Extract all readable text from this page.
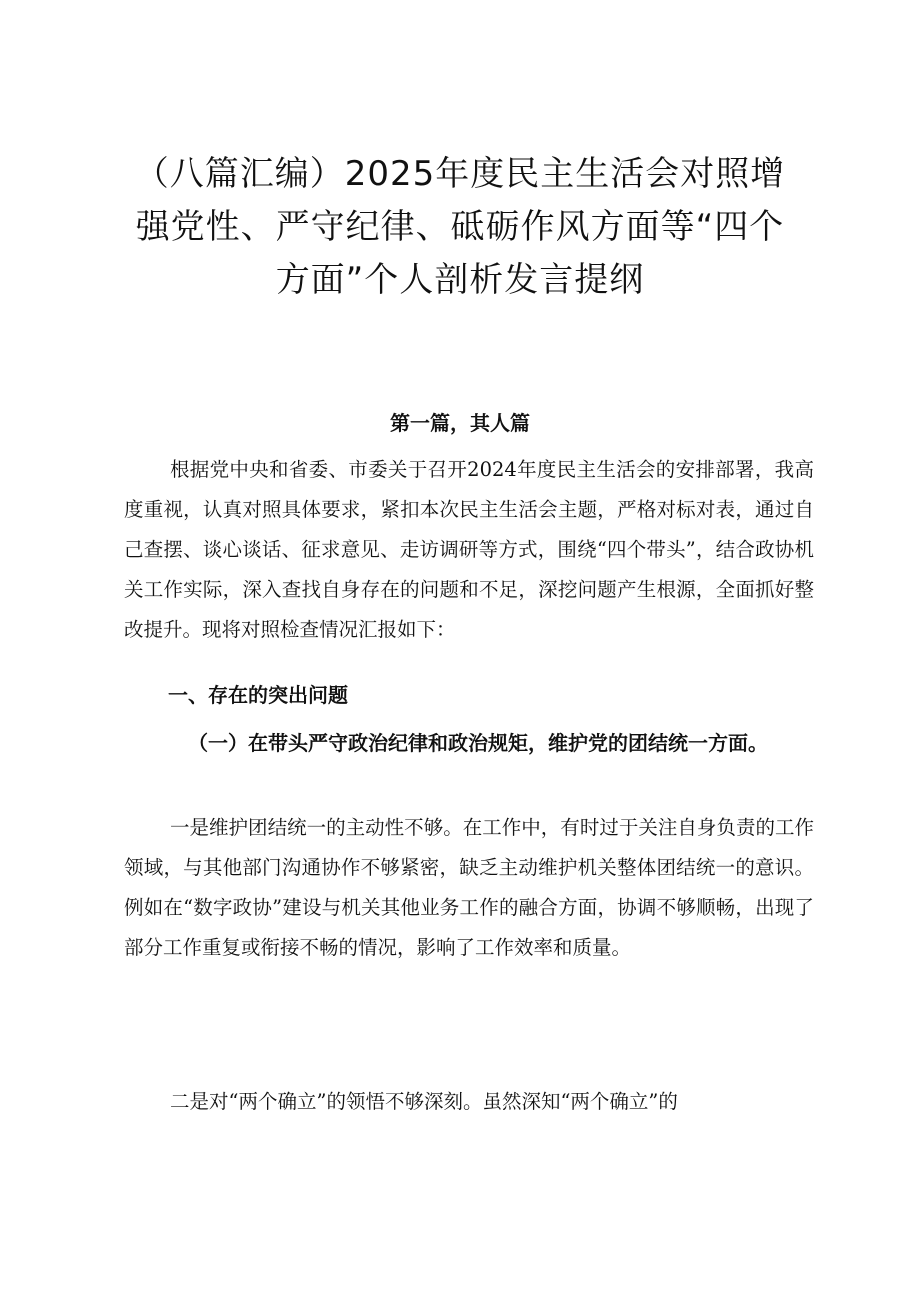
（八篇汇编）2025年度民主生活会对照增强党性、严守纪律、砥砺作风方面等“四个方面”个人剖析发言提纲
第一篇，其人篇
根据党中央和省委、市委关于召开2024年度民主生活会的安排部署，我高度重视，认真对照具体要求，紧扣本次民主生活会主题，严格对标对表，通过自己查摆、谈心谈话、征求意见、走访调研等方式，围绕“四个带头”，结合政协机关工作实际，深入查找自身存在的问题和不足，深挖问题产生根源，全面抓好整改提升。现将对照检查情况汇报如下：
一、存在的突出问题
（一）在带头严守政治纪律和政治规矩，维护党的团结统一方面。
一是维护团结统一的主动性不够。在工作中，有时过于关注自身负责的工作领域，与其他部门沟通协作不够紧密，缺乏主动维护机关整体团结统一的意识。例如在“数字政协”建设与机关其他业务工作的融合方面，协调不够顺畅，出现了部分工作重复或衔接不畅的情况，影响了工作效率和质量。
二是对“两个确立”的领悟不够深刻。虽然深知“两个确立”的
